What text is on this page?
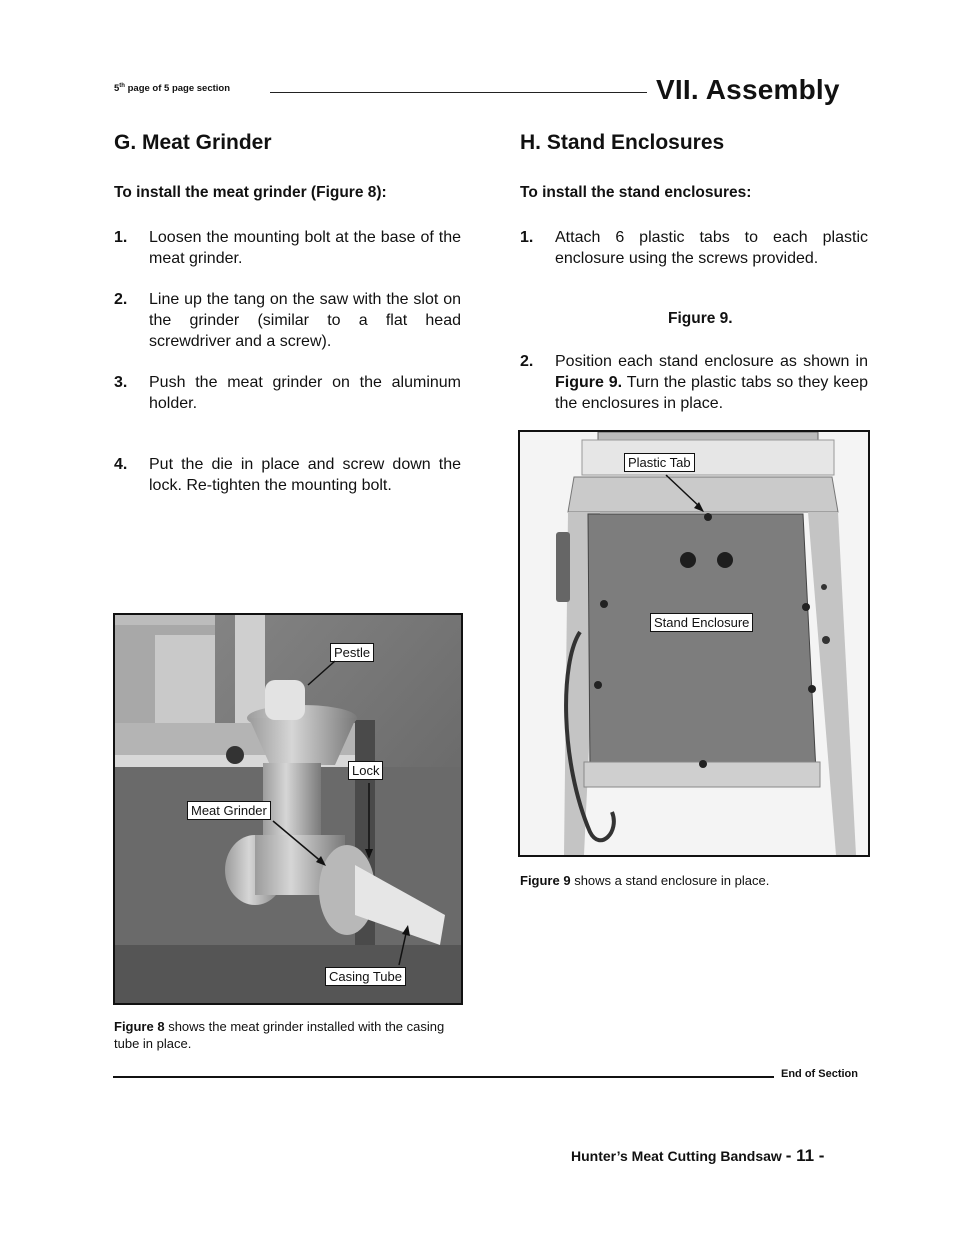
5th page of 5 page section	VII. Assembly
G. Meat Grinder
To install the meat grinder (Figure 8):
1. Loosen the mounting bolt at the base of the meat grinder.
2. Line up the tang on the saw with the slot on the grinder (similar to a flat head screwdriver and a screw).
3. Push the meat grinder on the aluminum holder.
4. Put the die in place and screw down the lock. Re-tighten the mounting bolt.
Pestle
Lock
Meat Grinder
Casing Tube
Figure 8 shows the meat grinder installed with the casing tube in place.
H. Stand Enclosures
To install the stand enclosures:
1. Attach 6 plastic tabs to each plastic enclosure using the screws provided.
Figure 9.
2. Position each stand enclosure as shown in Figure 9. Turn the plastic tabs so they keep the enclosures in place.
Plastic Tab
Stand Enclosure
Figure 9 shows a stand enclosure in place.
End of Section
Hunter’s Meat Cutting Bandsaw - 11 -
